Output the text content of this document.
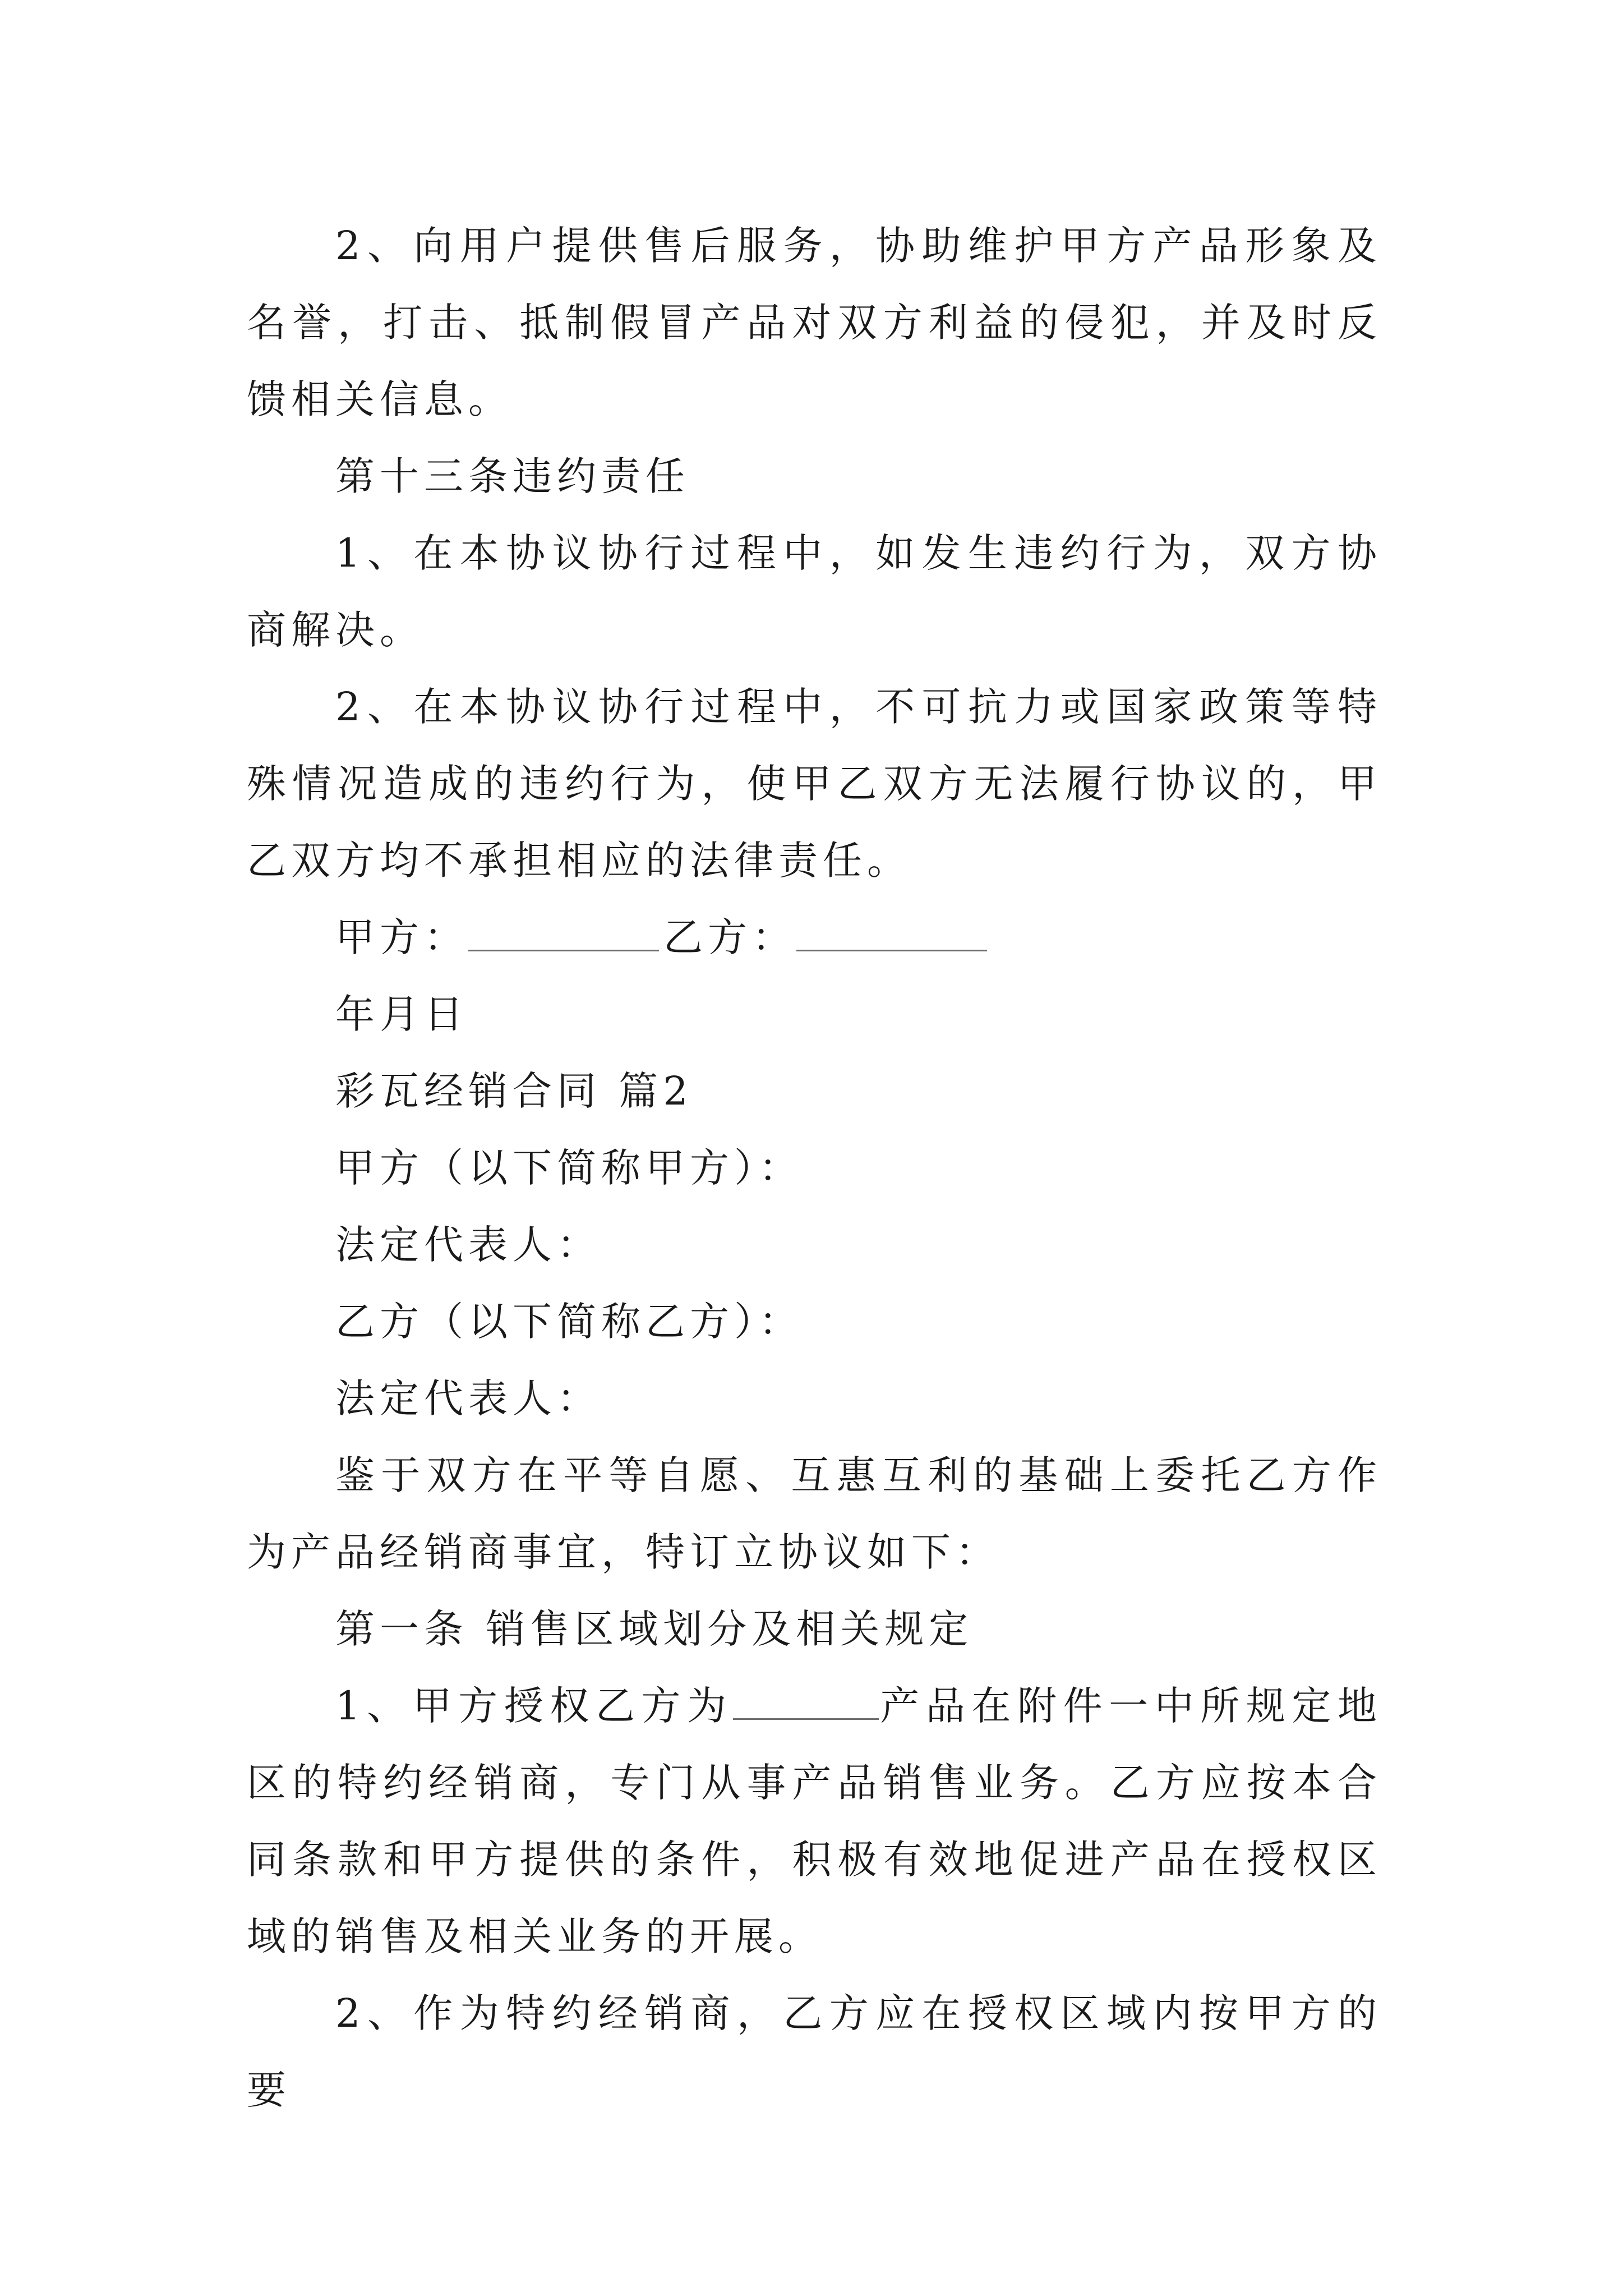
2、向用户提供售后服务，协助维护甲方产品形象及名誉，打击、抵制假冒产品对双方利益的侵犯，并及时反馈相关信息。

第十三条违约责任

1、在本协议协行过程中，如发生违约行为，双方协商解决。

2、在本协议协行过程中，不可抗力或国家政策等特殊情况造成的违约行为，使甲乙双方无法履行协议的，甲乙双方均不承担相应的法律责任。

甲方：	乙方：

年月日

彩瓦经销合同 篇2

甲方（以下简称甲方）：

法定代表人：

乙方（以下简称乙方）：

法定代表人：

鉴于双方在平等自愿、互惠互利的基础上委托乙方作为产品经销商事宜，特订立协议如下：

第一条 销售区域划分及相关规定

1、甲方授权乙方为	产品在附件一中所规定地区的特约经销商，专门从事产品销售业务。乙方应按本合同条款和甲方提供的条件，积极有效地促进产品在授权区域的销售及相关业务的开展。

2、作为特约经销商，乙方应在授权区域内按甲方的要
